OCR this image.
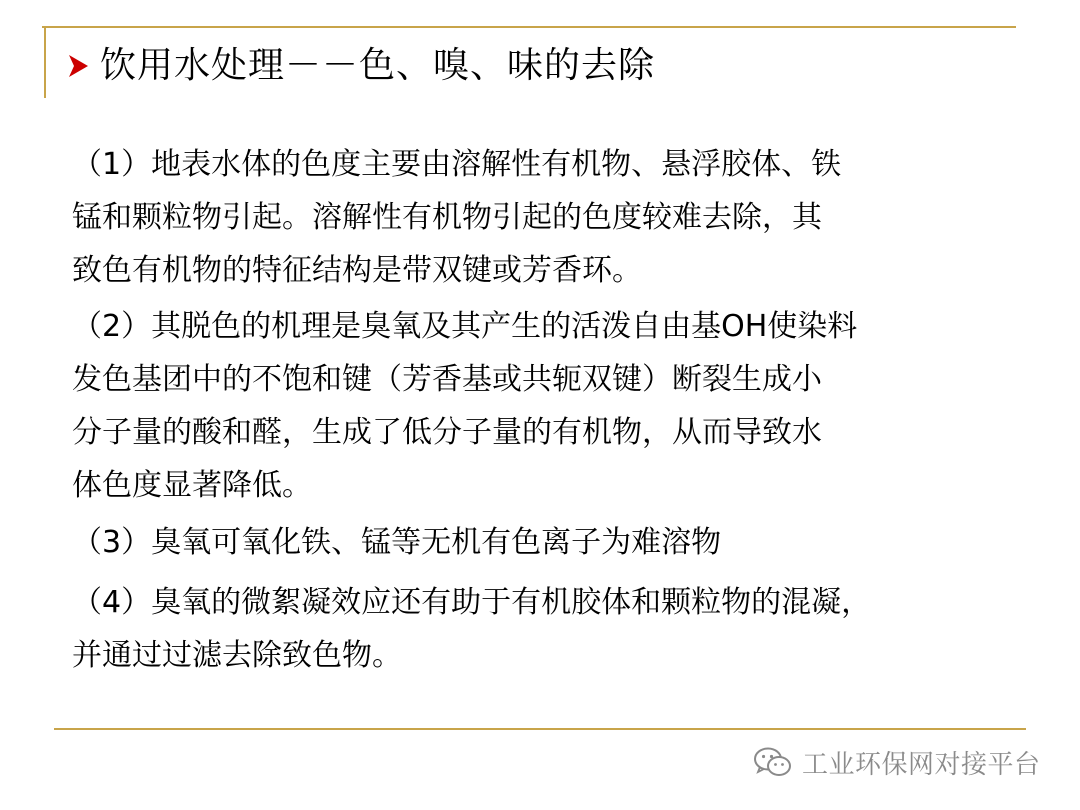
饮用水处理－－色、嗅、味的去除
（1）地表水体的色度主要由溶解性有机物、悬浮胶体、铁
锰和颗粒物引起。溶解性有机物引起的色度较难去除，其
致色有机物的特征结构是带双键或芳香环。
（2）其脱色的机理是臭氧及其产生的活泼自由基OH使染料
发色基团中的不饱和键（芳香基或共轭双键）断裂生成小
分子量的酸和醛，生成了低分子量的有机物，从而导致水
体色度显著降低。
（3）臭氧可氧化铁、锰等无机有色离子为难溶物
（4）臭氧的微絮凝效应还有助于有机胶体和颗粒物的混凝，
并通过过滤去除致色物。
工业环保网对接平台
